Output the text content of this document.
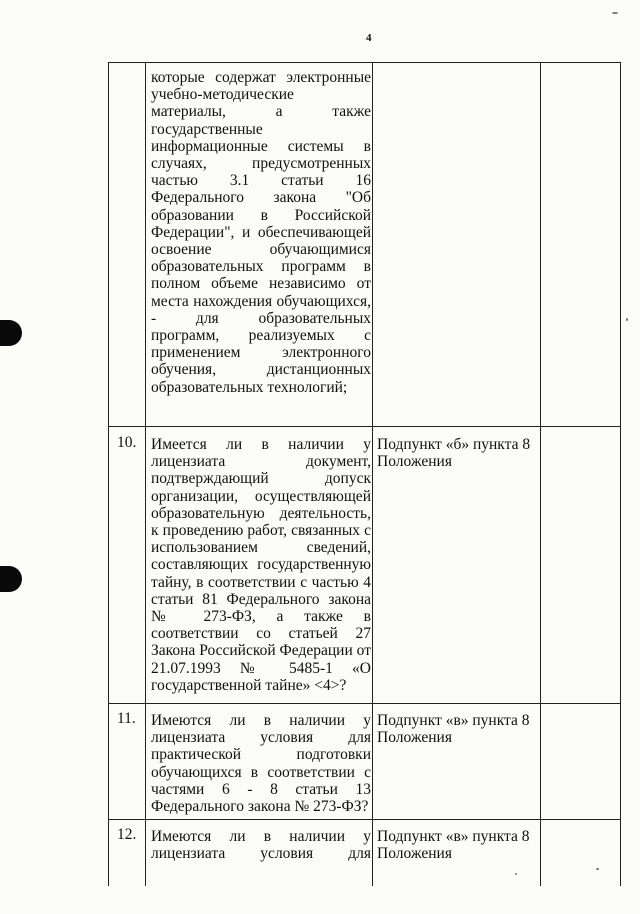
4
которые содержат электронные учебно-методические материалы, а также государственные информационные системы в случаях, предусмотренных частью 3.1 статьи 16 Федерального закона "Об образовании в Российской Федерации", и обеспечивающей освоение обучающимися образовательных программ в полном объеме независимо от места нахождения обучающихся, - для образовательных программ, реализуемых с применением электронного обучения, дистанционных образовательных технологий;
10. Имеется ли в наличии у лицензиата документ, подтверждающий допуск организации, осуществляющей образовательную деятельность, к проведению работ, связанных с использованием сведений, составляющих государственную тайну, в соответствии с частью 4 статьи 81 Федерального закона № 273-ФЗ, а также в соответствии со статьей 27 Закона Российской Федерации от 21.07.1993 № 5485-1 «О государственной тайне» <4>?
Подпункт «б» пункта 8 Положения
11. Имеются ли в наличии у лицензиата условия для практической подготовки обучающихся в соответствии с частями 6 - 8 статьи 13 Федерального закона № 273-ФЗ?
Подпункт «в» пункта 8 Положения
12. Имеются ли в наличии у лицензиата условия для
Подпункт «в» пункта 8 Положения
